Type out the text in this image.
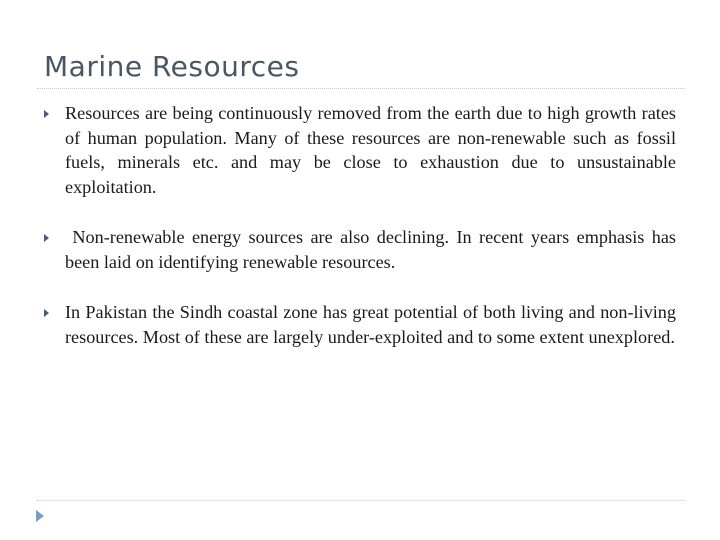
Marine Resources
Resources are being continuously removed from the earth due to high growth rates of human population. Many of these resources are non-renewable such as fossil fuels, minerals etc. and may be close to exhaustion due to unsustainable exploitation.
Non-renewable energy sources are also declining. In recent years emphasis has been laid on identifying renewable resources.
In Pakistan the Sindh coastal zone has great potential of both living and non-living resources. Most of these are largely under-exploited and to some extent unexplored.
